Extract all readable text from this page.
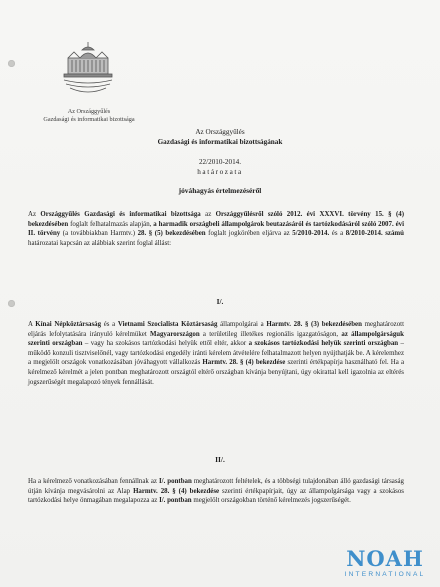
Az Országgyűlés
Gazdasági és informatikai bizottsága
Az Országgyűlés
Gazdasági és informatikai bizottságának
22/2010-2014.
határozata
jóváhagyás értelmezéséről
Az Országgyűlés Gazdasági és informatikai bizottsága az Országgyűlésről szóló 2012. évi XXXVI. törvény 15. § (4) bekezdésében foglalt felhatalmazás alapján, a harmadik országbeli állampolgárok beutazásáról és tartózkodásáról szóló 2007. évi II. törvény (a továbbiakban Harmtv.) 28. § (5) bekezdésében foglalt jogkörében eljárva az 5/2010-2014. és a 8/2010-2014. számú határozatai kapcsán az alábbiak szerint foglal állást:
I/.
A Kínai Népköztársaság és a Vietnami Szocialista Köztársaság állampolgárai a Harmtv. 28. § (3) bekezdésében meghatározott eljárás lefolytatására irányuló kérelmüket Magyarországon a területileg illetékes regionális igazgatóságon, az állampolgárságuk szerinti országban – vagy ha szokásos tartózkodási helyük ettől eltér, akkor a szokásos tartózkodási helyük szerinti országban – működő konzuli tisztviselőnél, vagy tartózkodási engedély iránti kérelem átvételére felhatalmazott helyen nyújthatják be. A kérelemhez a megjelölt országok vonatkozásában jóváhagyott vállalkozás Harmtv. 28. § (4) bekezdése szerinti értékpapírja használható fel. Ha a kérelmező kérelmét a jelen pontban meghatározott országtól eltérő országban kívánja benyújtani, úgy okirattal kell igazolnia az eltérés jogszerűségét megalapozó tények fennállását.
II/.
Ha a kérelmező vonatkozásában fennállnak az I/. pontban meghatározott feltételek, és a többségi tulajdonában álló gazdasági társaság útján kívánja megvásárolni az Alap Harmtv. 28. § (4) bekezdése szerinti értékpapírjait, úgy az állampolgársága vagy a szokásos tartózkodási helye önmagában megalapozza az I/. pontban megjelölt országokban történő kérelmezés jogszerűségét.
NOAH
INTERNATIONAL
